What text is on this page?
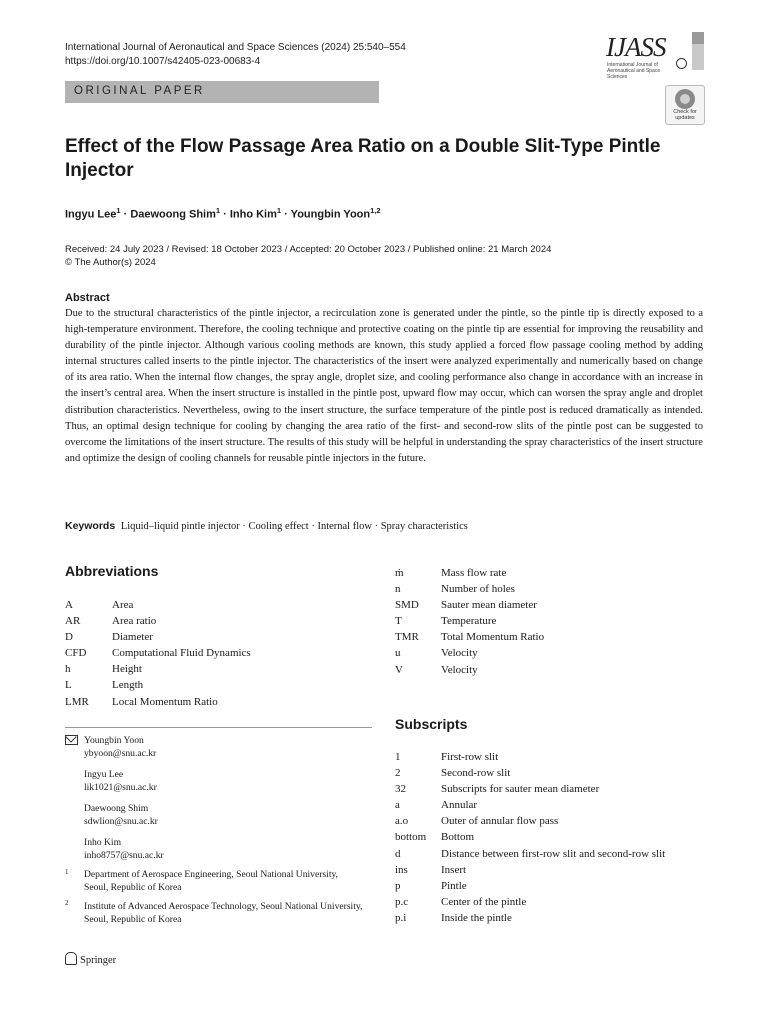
International Journal of Aeronautical and Space Sciences (2024) 25:540–554
https://doi.org/10.1007/s42405-023-00683-4	IJASS
International Journal of Aeronautical and Space Sciences
ORIGINAL PAPER
Check for updates
Effect of the Flow Passage Area Ratio on a Double Slit-Type Pintle Injector
Ingyu Lee$^1$ · Daewoong Shim$^1$ · Inho Kim$^1$ · Youngbin Yoon$^{1,2}$
Received: 24 July 2023 / Revised: 18 October 2023 / Accepted: 20 October 2023 / Published online: 21 March 2024
© The Author(s) 2024
Abstract
Due to the structural characteristics of the pintle injector, a recirculation zone is generated under the pintle, so the pintle tip is directly exposed to a high-temperature environment. Therefore, the cooling technique and protective coating on the pintle tip are essential for improving the reusability and durability of the pintle injector. Although various cooling methods are known, this study applied a forced flow passage cooling method by adding internal structures called inserts to the pintle injector. The characteristics of the insert were analyzed experimentally and numerically based on change of its area ratio. When the internal flow changes, the spray angle, droplet size, and cooling performance also change in accordance with an increase in the insert’s central area. When the insert structure is installed in the pintle post, upward flow may occur, which can worsen the spray angle and droplet distribution characteristics. Nevertheless, owing to the insert structure, the surface temperature of the pintle post is reduced dramatically as intended. Thus, an optimal design technique for cooling by changing the area ratio of the first- and second-row slits of the pintle post can be suggested to overcome the limitations of the insert structure. The results of this study will be helpful in understanding the spray characteristics of the insert structure and optimize the design of cooling channels for reusable pintle injectors in the future.
Keywords Liquid–liquid pintle injector · Cooling effect · Internal flow · Spray characteristics
Abbreviations
A	Area
AR	Area ratio
D	Diameter
CFD Computational Fluid Dynamics
h	Height
L	Length
LMR Local Momentum Ratio
ṁ	Mass flow rate
n	Number of holes
SMD Sauter mean diameter
T	Temperature
TMR Total Momentum Ratio
u	Velocity
V	Velocity
Subscripts
1	First-row slit
2	Second-row slit
32	Subscripts for sauter mean diameter
a	Annular
a.o	Outer of annular flow pass
bottom Bottom
d	Distance between first-row slit and second-row slit
ins	Insert
p	Pintle
p.c	Center of the pintle
p.i	Inside the pintle
Youngbin Yoon
ybyoon@snu.ac.kr
Ingyu Lee
lik1021@snu.ac.kr
Daewoong Shim
sdwlion@snu.ac.kr
Inho Kim
inho8757@snu.ac.kr
1 Department of Aerospace Engineering, Seoul National University, Seoul, Republic of Korea
2 Institute of Advanced Aerospace Technology, Seoul National University, Seoul, Republic of Korea
Springer
